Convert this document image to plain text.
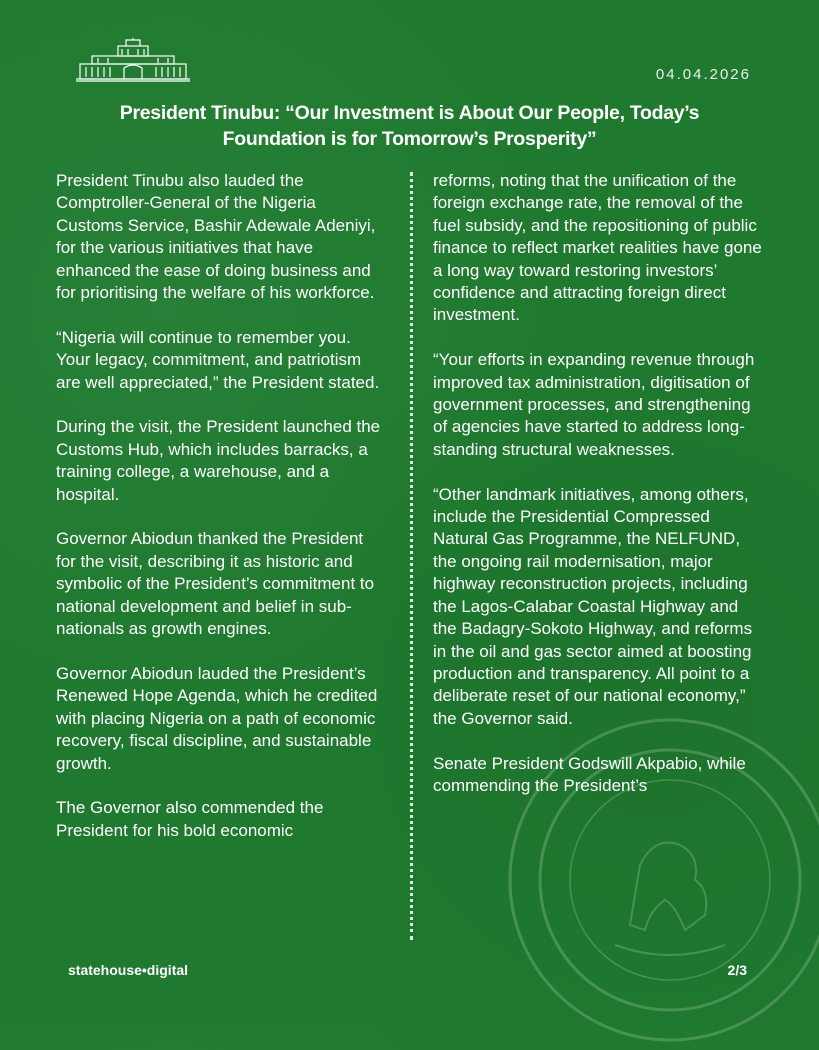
04.04.2026
President Tinubu: “Our Investment is About Our People, Today’s
Foundation is for Tomorrow’s Prosperity”

President Tinubu also lauded the Comptroller-General of the Nigeria Customs Service, Bashir Adewale Adeniyi, for the various initiatives that have enhanced the ease of doing business and for prioritising the welfare of his workforce.

“Nigeria will continue to remember you. Your legacy, commitment, and patriotism are well appreciated,” the President stated.

During the visit, the President launched the Customs Hub, which includes barracks, a training college, a warehouse, and a hospital.

Governor Abiodun thanked the President for the visit, describing it as historic and symbolic of the President’s commitment to national development and belief in sub-nationals as growth engines.

Governor Abiodun lauded the President’s Renewed Hope Agenda, which he credited with placing Nigeria on a path of economic recovery, fiscal discipline, and sustainable growth.

The Governor also commended the President for his bold economic

reforms, noting that the unification of the foreign exchange rate, the removal of the fuel subsidy, and the repositioning of public finance to reflect market realities have gone a long way toward restoring investors’ confidence and attracting foreign direct investment.

“Your efforts in expanding revenue through improved tax administration, digitisation of government processes, and strengthening of agencies have started to address long-standing structural weaknesses.

“Other landmark initiatives, among others, include the Presidential Compressed Natural Gas Programme, the NELFUND, the ongoing rail modernisation, major highway reconstruction projects, including the Lagos-Calabar Coastal Highway and the Badagry-Sokoto Highway, and reforms in the oil and gas sector aimed at boosting production and transparency. All point to a deliberate reset of our national economy,” the Governor said.

Senate President Godswill Akpabio, while commending the President’s

statehouse•digital	2/3
